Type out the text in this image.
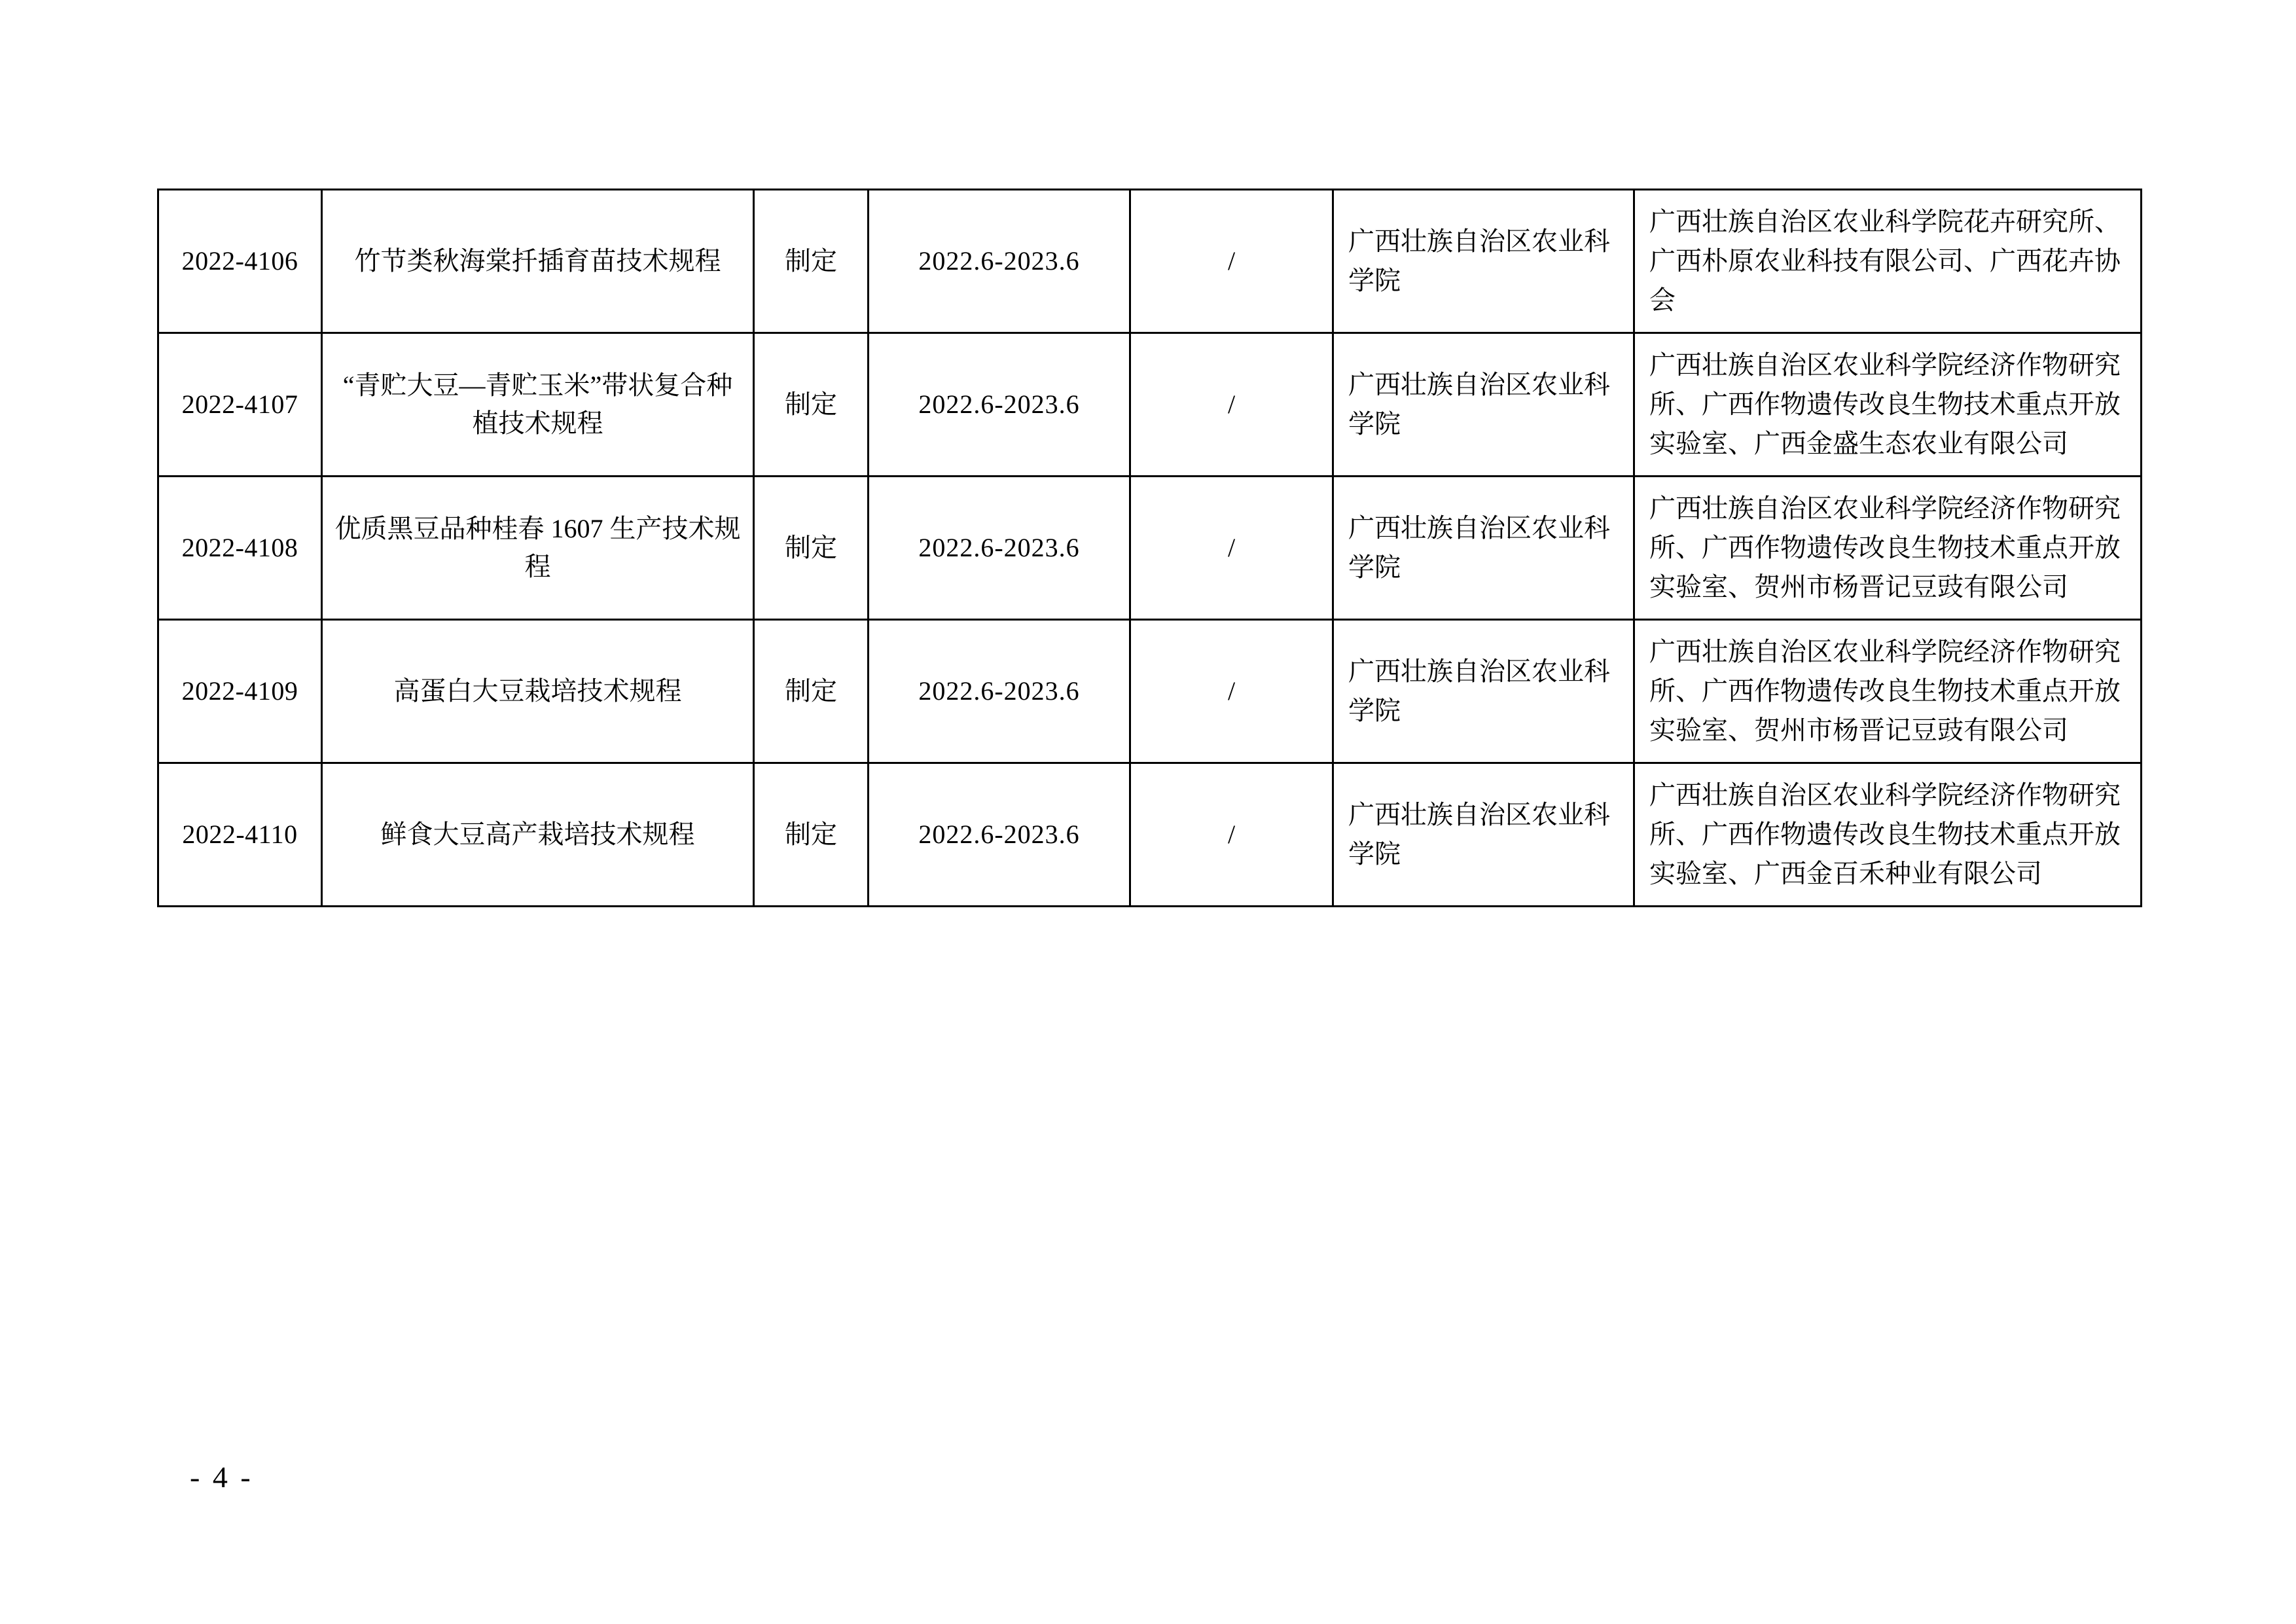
2022-4106	竹节类秋海棠扦插育苗技术规程	制定	2022.6-2023.6	/	广西壮族自治区农业科学院	广西壮族自治区农业科学院花卉研究所、广西朴原农业科技有限公司、广西花卉协会
2022-4107	“青贮大豆—青贮玉米”带状复合种植技术规程	制定	2022.6-2023.6	/	广西壮族自治区农业科学院	广西壮族自治区农业科学院经济作物研究所、广西作物遗传改良生物技术重点开放实验室、广西金盛生态农业有限公司
2022-4108	优质黑豆品种桂春 1607 生产技术规程	制定	2022.6-2023.6	/	广西壮族自治区农业科学院	广西壮族自治区农业科学院经济作物研究所、广西作物遗传改良生物技术重点开放实验室、贺州市杨晋记豆豉有限公司
2022-4109	高蛋白大豆栽培技术规程	制定	2022.6-2023.6	/	广西壮族自治区农业科学院	广西壮族自治区农业科学院经济作物研究所、广西作物遗传改良生物技术重点开放实验室、贺州市杨晋记豆豉有限公司
2022-4110	鲜食大豆高产栽培技术规程	制定	2022.6-2023.6	/	广西壮族自治区农业科学院	广西壮族自治区农业科学院经济作物研究所、广西作物遗传改良生物技术重点开放实验室、广西金百禾种业有限公司
- 4 -
